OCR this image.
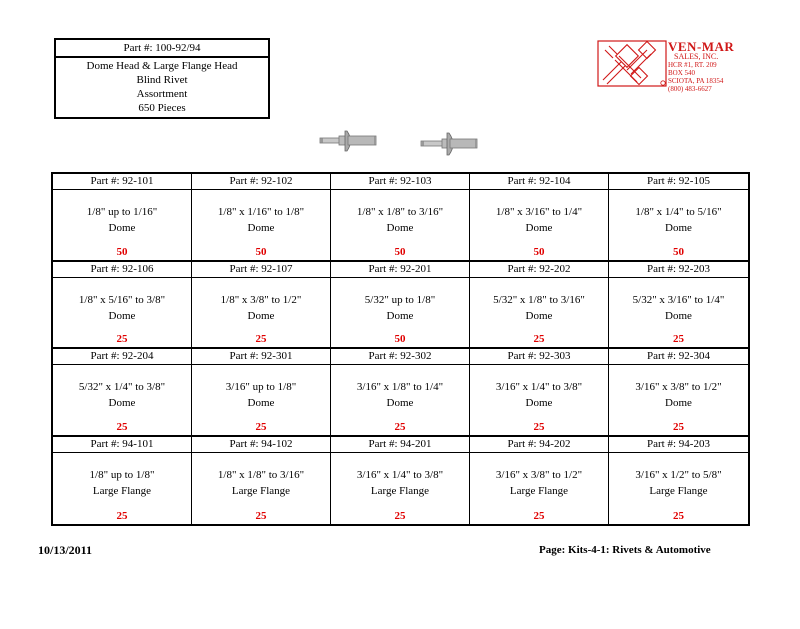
Part #: 100-92/94
Dome Head & Large Flange Head
Blind Rivet
Assortment
650 Pieces
VEN-MAR
SALES, INC.
HCR #1, RT. 209
BOX 540
SCIOTA, PA 18354
(800) 483-6627
Part #: 92-101
1/8" up to 1/16"
Dome
50
Part #: 92-102
1/8" x 1/16" to 1/8"
Dome
50
Part #: 92-103
1/8" x 1/8" to 3/16"
Dome
50
Part #: 92-104
1/8" x 3/16" to 1/4"
Dome
50
Part #: 92-105
1/8" x 1/4" to 5/16"
Dome
50
Part #: 92-106
1/8" x 5/16" to 3/8"
Dome
25
Part #: 92-107
1/8" x 3/8" to 1/2"
Dome
25
Part #: 92-201
5/32" up to 1/8"
Dome
50
Part #: 92-202
5/32" x 1/8" to 3/16"
Dome
25
Part #: 92-203
5/32" x 3/16" to 1/4"
Dome
25
Part #: 92-204
5/32" x 1/4" to 3/8"
Dome
25
Part #: 92-301
3/16" up to 1/8"
Dome
25
Part #: 92-302
3/16" x 1/8" to 1/4"
Dome
25
Part #: 92-303
3/16" x 1/4" to 3/8"
Dome
25
Part #: 92-304
3/16" x 3/8" to 1/2"
Dome
25
Part #: 94-101
1/8" up to 1/8"
Large Flange
25
Part #: 94-102
1/8" x 1/8" to 3/16"
Large Flange
25
Part #: 94-201
3/16" x 1/4" to 3/8"
Large Flange
25
Part #: 94-202
3/16" x 3/8" to 1/2"
Large Flange
25
Part #: 94-203
3/16" x 1/2" to 5/8"
Large Flange
25
10/13/2011	Page: Kits-4-1: Rivets & Automotive
